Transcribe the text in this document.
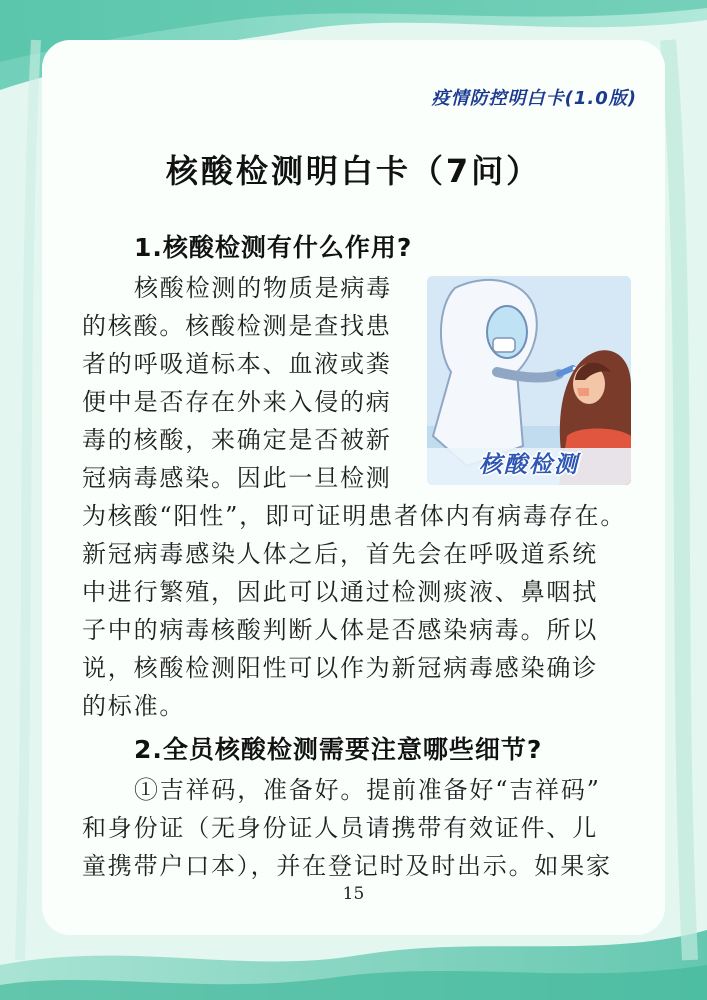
疫情防控明白卡(1.0版)
核酸检测明白卡（7问）
1.核酸检测有什么作用?
核酸检测的物质是病毒
的核酸。核酸检测是查找患
者的呼吸道标本、血液或粪
便中是否存在外来入侵的病
毒的核酸，来确定是否被新
冠病毒感染。因此一旦检测
为核酸“阳性”，即可证明患者体内有病毒存在。
新冠病毒感染人体之后，首先会在呼吸道系统
中进行繁殖，因此可以通过检测痰液、鼻咽拭
子中的病毒核酸判断人体是否感染病毒。所以
说，核酸检测阳性可以作为新冠病毒感染确诊
的标准。
核酸检测
2.全员核酸检测需要注意哪些细节?
①吉祥码，准备好。提前准备好“吉祥码”
和身份证（无身份证人员请携带有效证件、儿
童携带户口本），并在登记时及时出示。如果家
15
